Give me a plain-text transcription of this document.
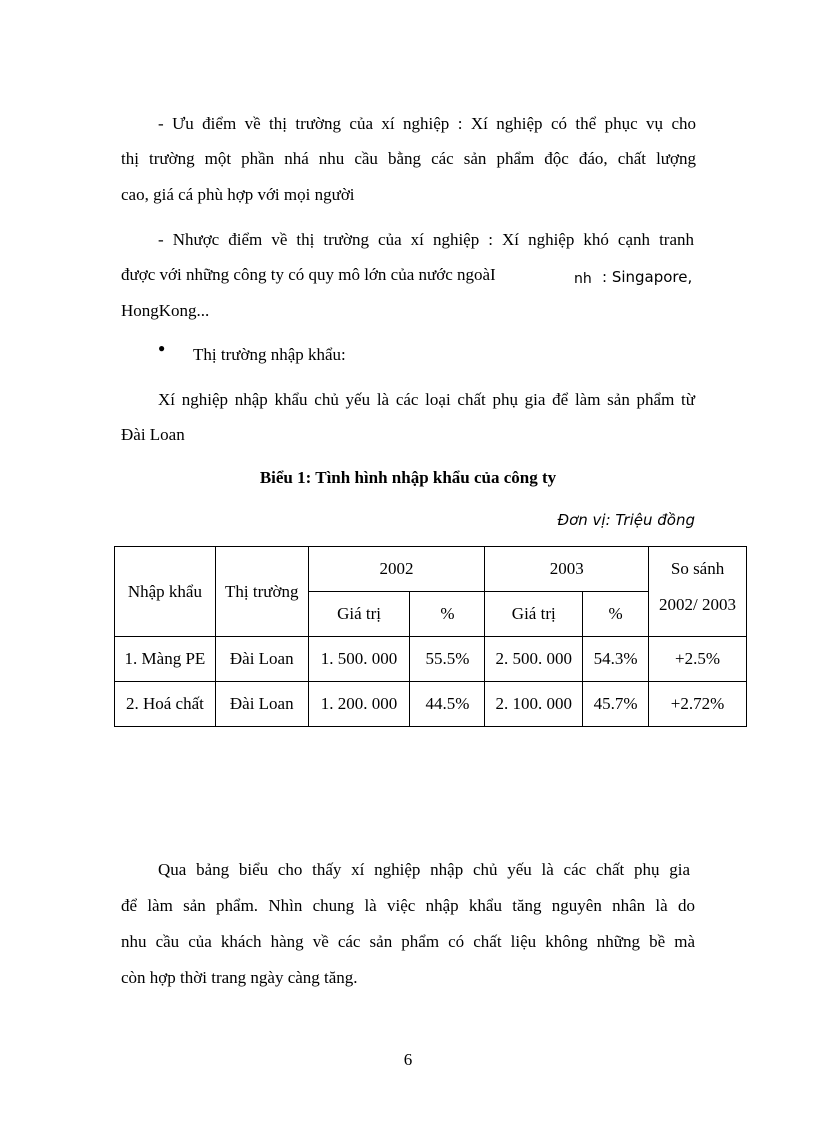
- Ưu điểm về thị trường của xí nghiệp : Xí nghiệp có thể phục vụ cho
thị trường một phần nhá nhu cầu bằng các sản phẩm độc đáo, chất lượng
cao, giá cá phù hợp với mọi người
- Nhược điểm về thị trường của xí nghiệp : Xí nghiệp khó cạnh tranh
được với những công ty có quy mô lớn của nước ngoàI	nh : Singapore,
HongKong...
● Thị trường nhập khẩu:
Xí nghiệp nhập khẩu chủ yếu là các loại chất phụ gia để làm sản phẩm từ
Đài Loan
Biểu 1: Tình hình nhập khẩu của công ty
Đơn vị: Triệu đồng
Nhập khẩu	Thị trường	2002		2003		So sánh 2002/ 2003
		Giá trị	%	Giá trị	%	
1. Màng PE	Đài Loan	1. 500. 000	55.5%	2. 500. 000	54.3%	+2.5%
2. Hoá chất	Đài Loan	1. 200. 000	44.5%	2. 100. 000	45.7%	+2.72%
Qua bảng biểu cho thấy xí nghiệp nhập chủ yếu là các chất phụ gia
để làm sản phẩm. Nhìn chung là việc nhập khẩu tăng nguyên nhân là do
nhu cầu của khách hàng về các sản phẩm có chất liệu không những bề mà
còn hợp thời trang ngày càng tăng.
6
